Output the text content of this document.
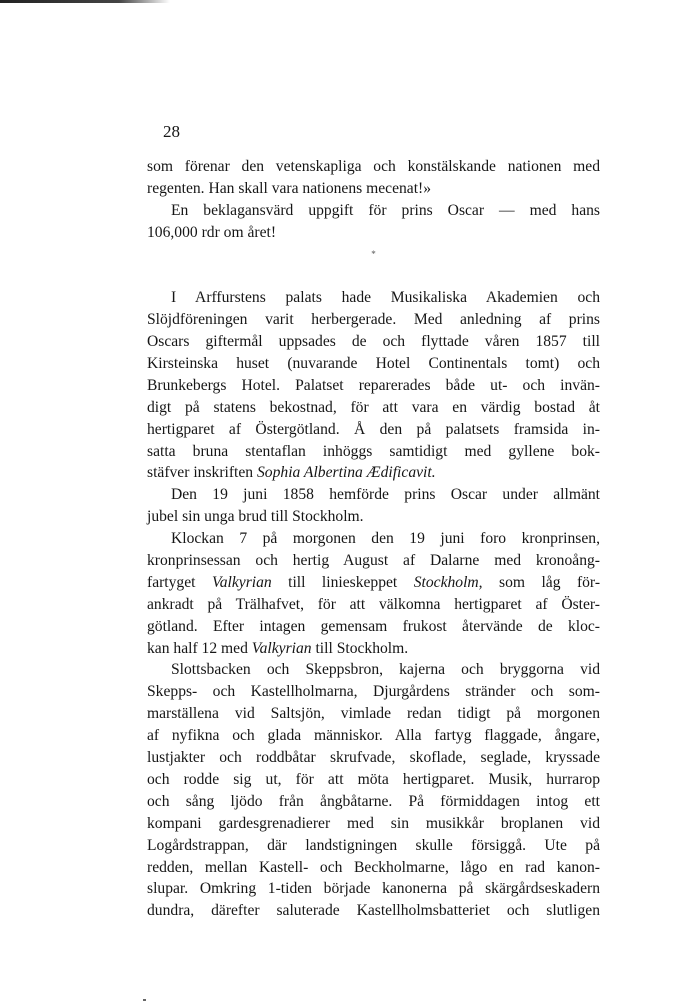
28
som förenar den vetenskapliga och konstälskande nationen med
regenten. Han skall vara nationens mecenat!»
En beklagansvärd uppgift för prins Oscar — med hans
106,000 rdr om året!
*
I Arffurstens palats hade Musikaliska Akademien och
Slöjdföreningen varit herbergerade. Med anledning af prins
Oscars giftermål uppsades de och flyttade våren 1857 till
Kirsteinska huset (nuvarande Hotel Continentals tomt) och
Brunkebergs Hotel. Palatset reparerades både ut- och invän-
digt på statens bekostnad, för att vara en värdig bostad åt
hertigparet af Östergötland. Å den på palatsets framsida in-
satta bruna stentaflan inhöggs samtidigt med gyllene bok-
stäfver inskriften Sophia Albertina Ædificavit.
Den 19 juni 1858 hemförde prins Oscar under allmänt
jubel sin unga brud till Stockholm.
Klockan 7 på morgonen den 19 juni foro kronprinsen,
kronprinsessan och hertig August af Dalarne med kronoång-
fartyget Valkyrian till linieskeppet Stockholm, som låg för-
ankradt på Trälhafvet, för att välkomna hertigparet af Öster-
götland. Efter intagen gemensam frukost återvände de kloc-
kan half 12 med Valkyrian till Stockholm.
Slottsbacken och Skeppsbron, kajerna och bryggorna vid
Skepps- och Kastellholmarna, Djurgårdens stränder och som-
marställena vid Saltsjön, vimlade redan tidigt på morgonen
af nyfikna och glada människor. Alla fartyg flaggade, ångare,
lustjakter och roddbåtar skrufvade, skoflade, seglade, kryssade
och rodde sig ut, för att möta hertigparet. Musik, hurrarop
och sång ljödo från ångbåtarne. På förmiddagen intog ett
kompani gardesgrenadierer med sin musikkår broplanen vid
Logårdstrappan, där landstigningen skulle försiggå. Ute på
redden, mellan Kastell- och Beckholmarne, lågo en rad kanon-
slupar. Omkring 1-tiden började kanonerna på skärgårdseskadern
dundra, därefter saluterade Kastellholmsbatteriet och slutligen
